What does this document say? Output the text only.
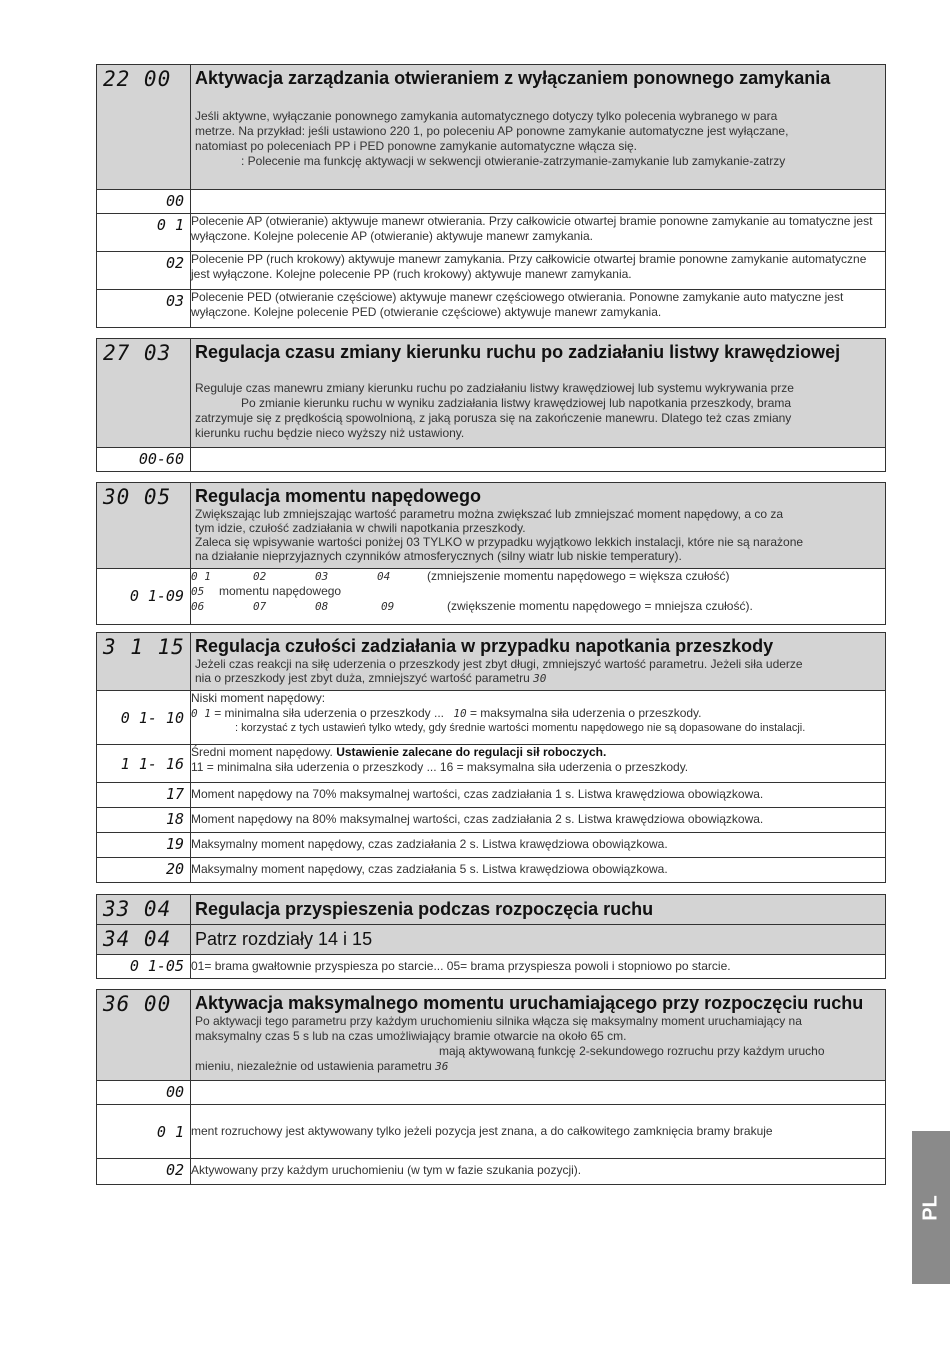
22 00	Aktywacja zarządzania otwieraniem z wyłączaniem ponownego zamykania

Jeśli aktywne, wyłączanie ponownego zamykania automatycznego dotyczy tylko polecenia wybranego w para

metrze. Na przykład: jeśli ustawiono 220 1, po poleceniu AP ponowne zamykanie automatyczne jest wyłączane,

natomiast po poleceniach PP i PED ponowne zamykanie automatyczne włącza się.

: Polecenie ma funkcję aktywacji w sekwencji otwieranie-zatrzymanie-zamykanie lub zamykanie-zatrzy

00	
0 1	Polecenie AP (otwieranie) aktywuje manewr otwierania. Przy całkowicie otwartej bramie ponowne zamykanie au tomatyczne jest wyłączone. Kolejne polecenie AP (otwieranie) aktywuje manewr zamykania.
02	Polecenie PP (ruch krokowy) aktywuje manewr zamykania. Przy całkowicie otwartej bramie ponowne zamykanie automatyczne jest wyłączone. Kolejne polecenie PP (ruch krokowy) aktywuje manewr zamykania.
03	Polecenie PED (otwieranie częściowe) aktywuje manewr częściowego otwierania. Ponowne zamykanie auto matyczne jest wyłączone. Kolejne polecenie PED (otwieranie częściowe) aktywuje manewr zamykania.
27 03	Regulacja czasu zmiany kierunku ruchu po zadziałaniu listwy krawędziowej

Reguluje czas manewru zmiany kierunku ruchu po zadziałaniu listwy krawędziowej lub systemu wykrywania prze

Po zmianie kierunku ruchu w wyniku zadziałania listwy krawędziowej lub napotkania przeszkody, brama

zatrzymuje się z prędkością spowolnioną, z jaką porusza się na zakończenie manewru. Dlatego też czas zmiany

kierunku ruchu będzie nieco wyższy niż ustawiony.

00-60	
30 05	Regulacja momentu napędowego

Zwiększając lub zmniejszając wartość parametru można zwiększać lub zmniejszać moment napędowy, a co za

tym idzie, czułość zadziałania w chwili napotkania przeszkody.

Zaleca się wpisywanie wartości poniżej 03 TYLKO w przypadku wyjątkowo lekkich instalacji, które nie są narażone

na działanie nieprzyjaznych czynników atmosferycznych (silny wiatr lub niskie temperatury).

0 1-09	0 1 02 03 04 (zmniejszenie momentu napędowego = większa czułość)

05 momentu napędowego

06 07 08 09 (zwiększenie momentu napędowego = mniejsza czułość).

3 1 15	Regulacja czułości zadziałania w przypadku napotkania przeszkody

Jeżeli czas reakcji na siłę uderzenia o przeszkody jest zbyt długi, zmniejszyć wartość parametru. Jeżeli siła uderze

nia o przeszkody jest zbyt duża, zmniejszyć wartość parametru 30

0 1- 10	Niski moment napędowy:

0 1 = minimalna siła uderzenia o przeszkody ... 10 = maksymalna siła uderzenia o przeszkody.

: korzystać z tych ustawień tylko wtedy, gdy średnie wartości momentu napędowego nie są dopasowane do instalacji.

1 1- 16	Średni moment napędowy. Ustawienie zalecane do regulacji sił roboczych.

11 = minimalna siła uderzenia o przeszkody ... 16 = maksymalna siła uderzenia o przeszkody.

17	Moment napędowy na 70% maksymalnej wartości, czas zadziałania 1 s. Listwa krawędziowa obowiązkowa.
18	Moment napędowy na 80% maksymalnej wartości, czas zadziałania 2 s. Listwa krawędziowa obowiązkowa.
19	Maksymalny moment napędowy, czas zadziałania 2 s. Listwa krawędziowa obowiązkowa.
20	Maksymalny moment napędowy, czas zadziałania 5 s. Listwa krawędziowa obowiązkowa.
33 04	Regulacja przyspieszenia podczas rozpoczęcia ruchu

34 04	Patrz rozdziały 14 i 15

0 1-05	01= brama gwałtownie przyspiesza po starcie... 05= brama przyspiesza powoli i stopniowo po starcie.
36 00	Aktywacja maksymalnego momentu uruchamiającego przy rozpoczęciu ruchu

Po aktywacji tego parametru przy każdym uruchomieniu silnika włącza się maksymalny moment uruchamiający na

maksymalny czas 5 s lub na czas umożliwiający bramie otwarcie na około 65 cm.

mają aktywowaną funkcję 2-sekundowego rozruchu przy każdym urucho

mieniu, niezależnie od ustawienia parametru 36

00	
0 1	ment rozruchowy jest aktywowany tylko jeżeli pozycja jest znana, a do całkowitego zamknięcia bramy brakuje
02	Aktywowany przy każdym uruchomieniu (w tym w fazie szukania pozycji).
PL
